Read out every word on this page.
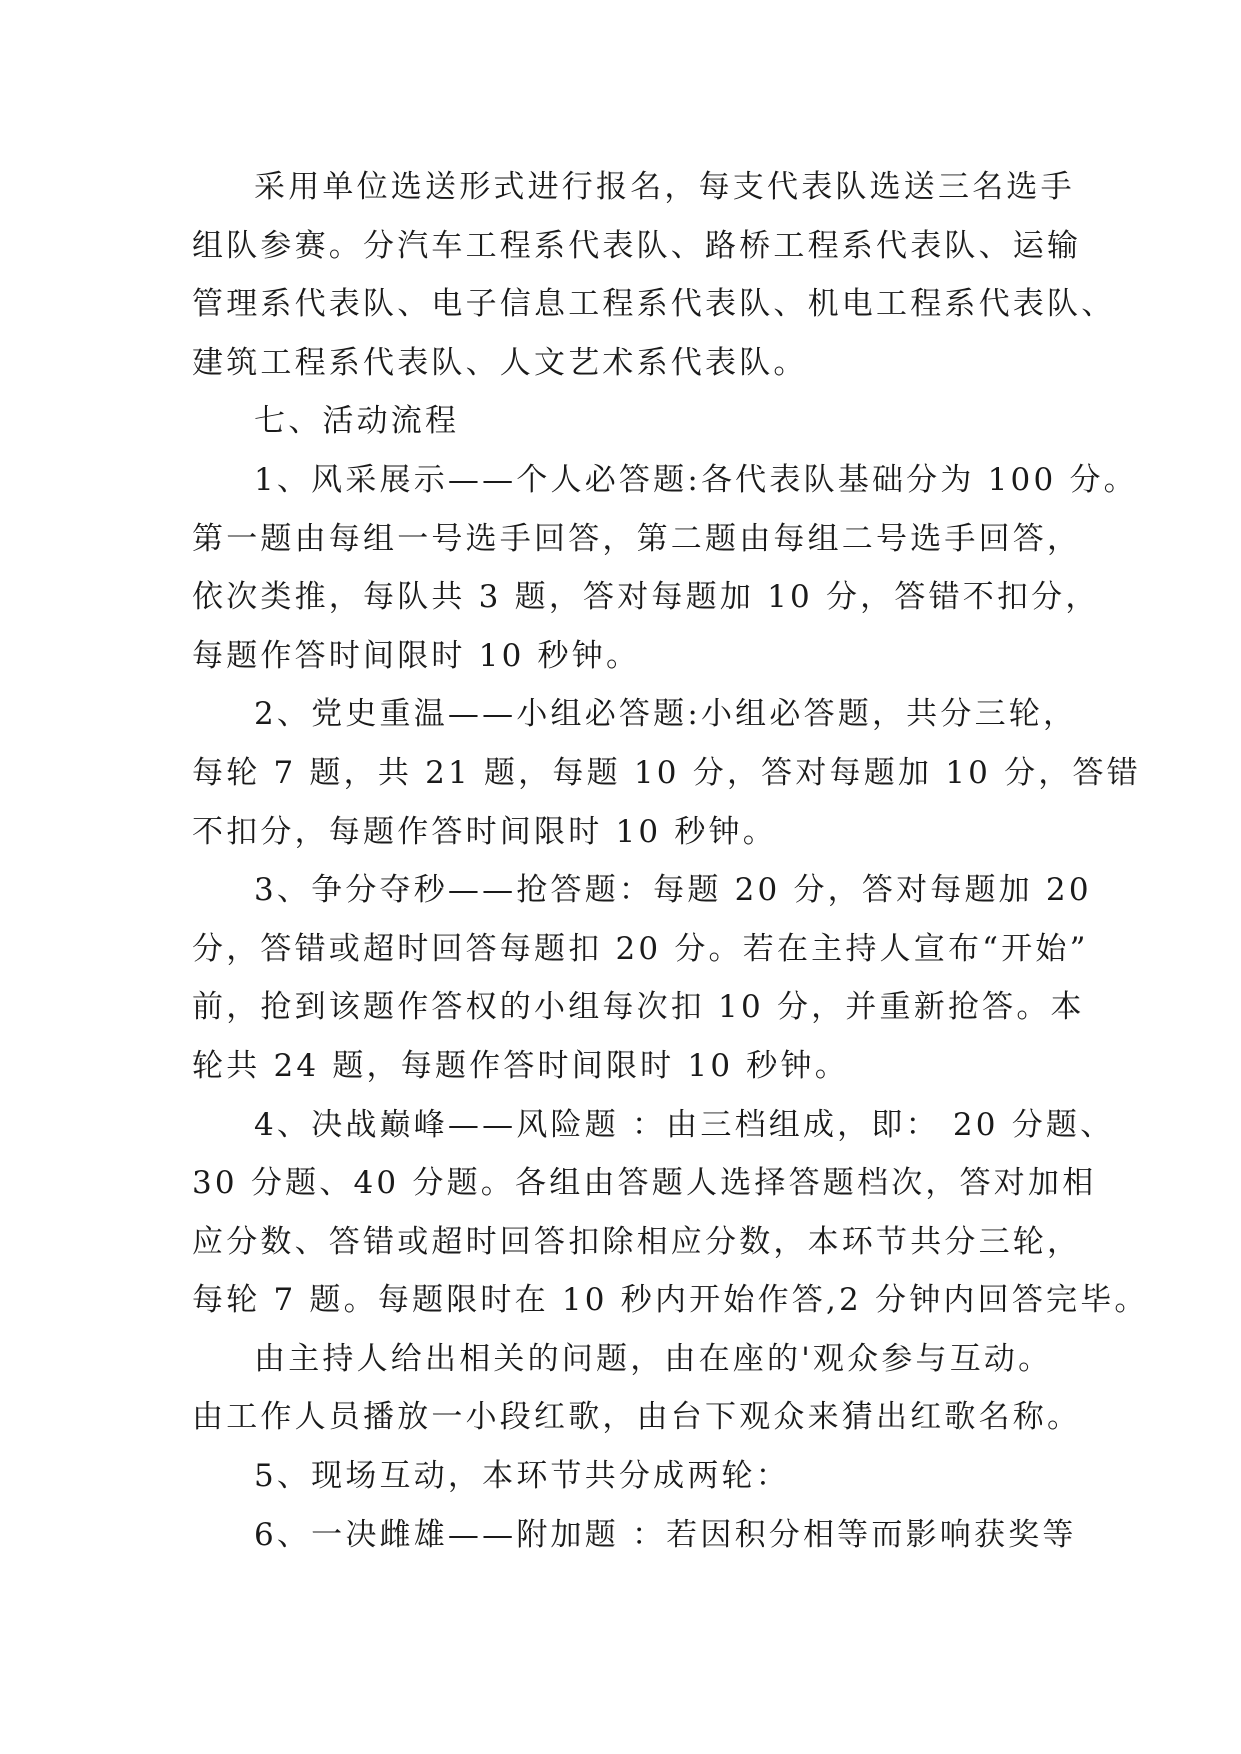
采用单位选送形式进行报名，每支代表队选送三名选手
组队参赛。分汽车工程系代表队、路桥工程系代表队、运输
管理系代表队、电子信息工程系代表队、机电工程系代表队、
建筑工程系代表队、人文艺术系代表队。

七、活动流程

1、风采展示——个人必答题:各代表队基础分为 100 分。
第一题由每组一号选手回答，第二题由每组二号选手回答，
依次类推，每队共 3 题，答对每题加 10 分，答错不扣分，
每题作答时间限时 10 秒钟。

2、党史重温——小组必答题:小组必答题，共分三轮，
每轮 7 题，共 21 题，每题 10 分，答对每题加 10 分，答错
不扣分，每题作答时间限时 10 秒钟。

3、争分夺秒——抢答题：每题 20 分，答对每题加 20
分，答错或超时回答每题扣 20 分。若在主持人宣布“开始”
前，抢到该题作答权的小组每次扣 10 分，并重新抢答。本
轮共 24 题，每题作答时间限时 10 秒钟。

4、决战巅峰——风险题 ：由三档组成，即： 20 分题、
30 分题、40 分题。各组由答题人选择答题档次，答对加相
应分数、答错或超时回答扣除相应分数，本环节共分三轮，
每轮 7 题。每题限时在 10 秒内开始作答,2 分钟内回答完毕。

由主持人给出相关的问题，由在座的'观众参与互动。
由工作人员播放一小段红歌，由台下观众来猜出红歌名称。

5、现场互动，本环节共分成两轮：

6、一决雌雄——附加题 ：若因积分相等而影响获奖等
